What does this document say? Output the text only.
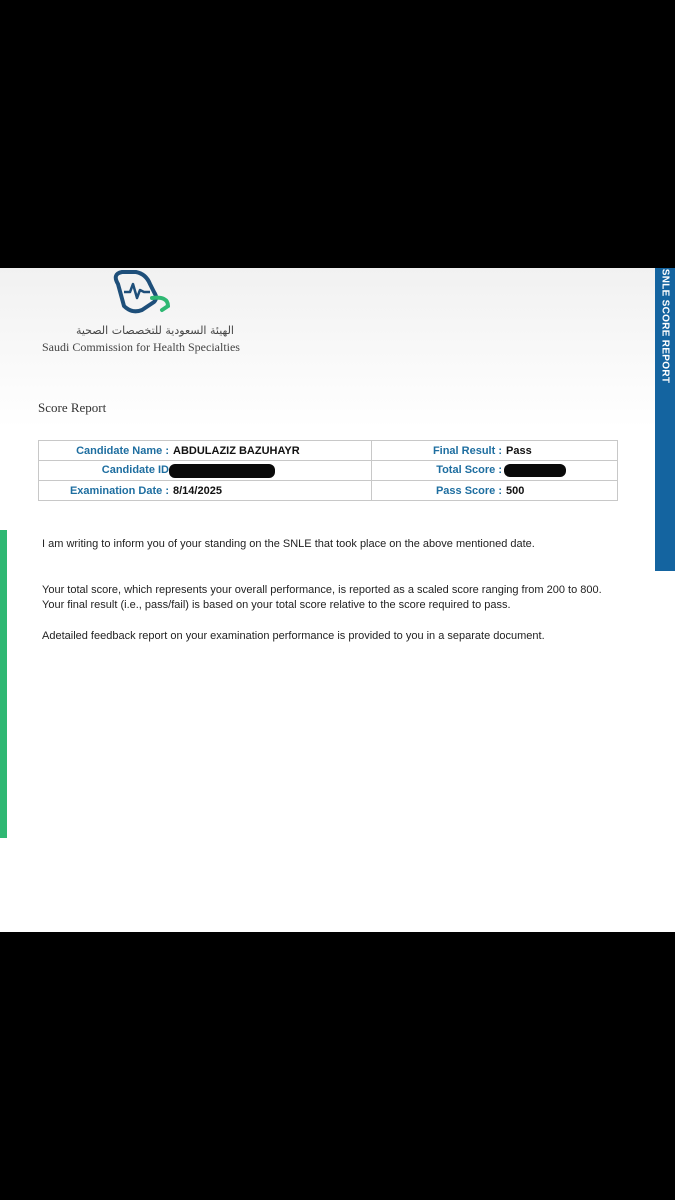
الهيئة السعودية للتخصصات الصحية
Saudi Commission for Health Specialties
Score Report
Candidate Name : ABDULAZIZ BAZUHAYR	Final Result : Pass
Candidate ID	Total Score :
Examination Date : 8/14/2025	Pass Score : 500
I am writing to inform you of your standing on the SNLE that took place on the above mentioned date.
Your total score, which represents your overall performance, is reported as a scaled score ranging from 200 to 800. Your final result (i.e., pass/fail) is based on your total score relative to the score required to pass.
Adetailed feedback report on your examination performance is provided to you in a separate document.
SNLE SCORE REPORT
